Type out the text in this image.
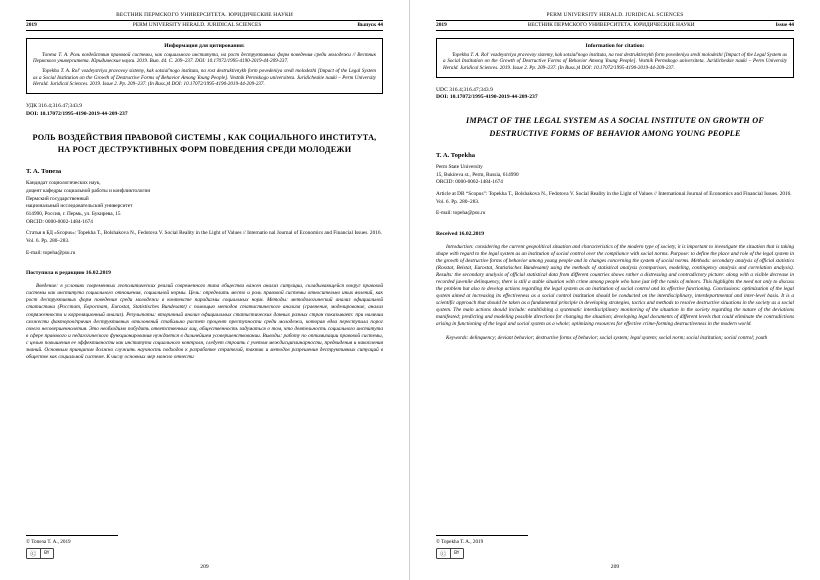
ВЕСТНИК ПЕРМСКОГО УНИВЕРСИТЕТА. ЮРИДИЧЕСКИЕ НАУКИ
2019	PERM UNIVERSITY HERALD. JURIDICAL SCIENCES	Выпуск 44
Информация для цитирования:

Топеза Т. А. Роль воздействия правовой системы, как социального института, на рост деструктивных форм поведения среди молодежи // Вестник Пермского университета. Юридические науки. 2019. Вып. 44. C. 209–237. DOI: 10.17072/1995-4190-2019-44-209-237.

Topekha T. A. Rol' vozdeystviya pravovoy sistemy, kak sotsial'nogo instituta, na rost destruktivnykh form povedeniya sredi molodezhi [Impact of the Legal System as a Social Institution on the Growth of Destructive Forms of Behavior Among Young People]. Vestnik Permskogo universiteta. Juridicheskie nauki – Perm University Herald. Juridical Sciences. 2019. Issue 2. Pp. 209–237. (In Russ.)4 DOI: 10.17072/1995-4190-2019-44-209-237.

УДК 316.4;316.47;343.9
DOI: 10.17072/1995-4190-2019-44-209-237
РОЛЬ ВОЗДЕЙСТВИЯ ПРАВОВОЙ СИСТЕМЫ , КАК СОЦИАЛЬНОГО ИНСТИТУТА, НА РОСТ ДЕСТРУКТИВНЫХ ФОРМ ПОВЕДЕНИЯ СРЕДИ МОЛОДЕЖИ
Т. А. Топеза
Кандидат социологических наук,
доцент кафедры социальной работы и конфликтологии
Пермский государственный
национальный исследовательский университет
614990, Россия, г. Пермь, ул. Букирева, 15
ORCID: 0000-0002-1484-1674
Статья в БД «Scopus»: Topekha T., Bolshakova N., Fedotova V. Social Reality in the Light of Values // Internatio nal Journal of Economics and Financial Issues. 2016. Vol. 6. Рp. 280–283.
E-mail: topeha@psu.ru
Поступила в редакцию 16.02.2019

Введение: в условиях современных геополитических реалий современного типа общества важен анализ ситуации, складывающейся вокруг правовой системы как института социального отношения, социальной нормы. Цель: определить место и роль правовой системы относительно иных явлений, как рост деструктивных форм поведения среди молодежи в контексте парадигмы социальных норм. Методы: методологический анализ официальной статистики (Росстат, Евростат, Eurostat, Statistisches Bundesamt) с помощью методов статистического анализа (сравнение, моделирование, анализ сопряженности и корреляционный анализ). Результаты: вторичный анализ официальных статистических данных разных стран показывает: при наличии схожести факторов/причин деструктивных отклонений стабильно растет процент преступности среди молодежи, которая едва переступила порог своего несовершеннолетия. Это необходимо побудить ответственных лиц, общественность задуматься о том, что деятельность социального института в сфере правового и педагогического функционирования нуждается в дальнейшем усовершенствовании. Выводы: работу по оптимизации правовой системы, с целью повышения ее эффективности как института социального контроля, следует строить с учетом междисциплинарности, предвидения и накопления знаний. Основным принципом должно служить научность подходов к разработке стратегий, тактик и методов разрешения деструктивных ситуаций в обществе как социальной системе. К числу основных мер можно отнести

© Топеза Т. А., 2019
Ⓒ	BY
209
PERM UNIVERSITY HERALD. JURIDICAL SCIENCES
2019	ВЕСТНИК ПЕРМСКОГО УНИВЕРСИТЕТА. ЮРИДИЧЕСКИЕ НАУКИ	Issue 44
Information for citation:

Topekha T. A. Rol' vozdeystviya pravovoy sistemy, kak sotsial'nogo instituta, na rost destruktivnykh form povedeniya sredi molodezhi [Impact of the Legal System as a Social Institution on the Growth of Destructive Forms of Behavior Among Young People]. Vestnik Permskogo universiteta. Juridicheskie nauki – Perm University Herald. Juridical Sciences. 2019. Issue 2. Pp. 209–237. (In Russ.)4 DOI: 10.17072/1995-4190-2019-44-209-237.

UDC 316.4;316.47;343.9
DOI: 10.17072/1995-4190-2019-44-209-237
IMPACT OF THE LEGAL SYSTEM AS A SOCIAL INSTITUTE ON GROWTH OF DESTRUCTIVE FORMS OF BEHAVIOR AMONG YOUNG PEOPLE
T. A. Topekha
Perm State University
15, Bukireva st., Perm, Russia, 614990
ORCID: 0000-0002-1484-1674
Article at DB “Scopus”: Topekha T., Bolshakova N., Fedotova V. Social Reality in the Light of Values // International Journal of Economics and Financial Issues. 2016. Vol. 6. Pp. 280–283.
E-mail: topeha@psu.ru
Received 16.02.2019

Introduction: considering the current geopolitical situation and characteristics of the modern type of society, it is important to investigate the situation that is taking shape with regard to the legal system as an institution of social control over the compliance with social norms. Purpose: to define the place and role of the legal system in the growth of destructive forms of behavior among young people and in changes concerning the system of social norms. Methods: secondary analysis of official statistics (Rosstat, Belstat, Eurostat, Statistisches Bundesamt) using the methods of statistical analysis (comparison, modeling, contingency analysis and correlation analysis). Results: the secondary analysis of official statistical data from different countries shows rather a distressing and contradictory picture: along with a visible decrease in recorded juvenile delinquency, there is still a stable situation with crime among people who have just left the ranks of minors. This highlights the need not only to discuss the problem but also to develop actions regarding the legal system as an institution of social control and its effective functioning. Conclusions: optimization of the legal system aimed at increasing its effectiveness as a social control institution should be conducted on the interdisciplinary, interdepartmental and inter-level basis. It is a scientific approach that should be taken as a fundamental principle in developing strategies, tactics and methods to resolve destructive situations in the society as a social system. The main actions should include: establishing a systematic interdisciplinary monitoring of the situation in the society regarding the nature of the deviations manifested; predicting and modeling possible directions for changing the situation; developing legal documents of different levels that could eliminate the contradictions arising in functioning of the legal and social system as a whole; optimizing resources for effective crime-forming destructiveness in the modern world.

Keywords: delinquency; deviant behavior; destructive forms of behavior; social system; legal system; social norm; social institution; social control; youth

© Topekha T. A., 2019
Ⓒ	BY
209
